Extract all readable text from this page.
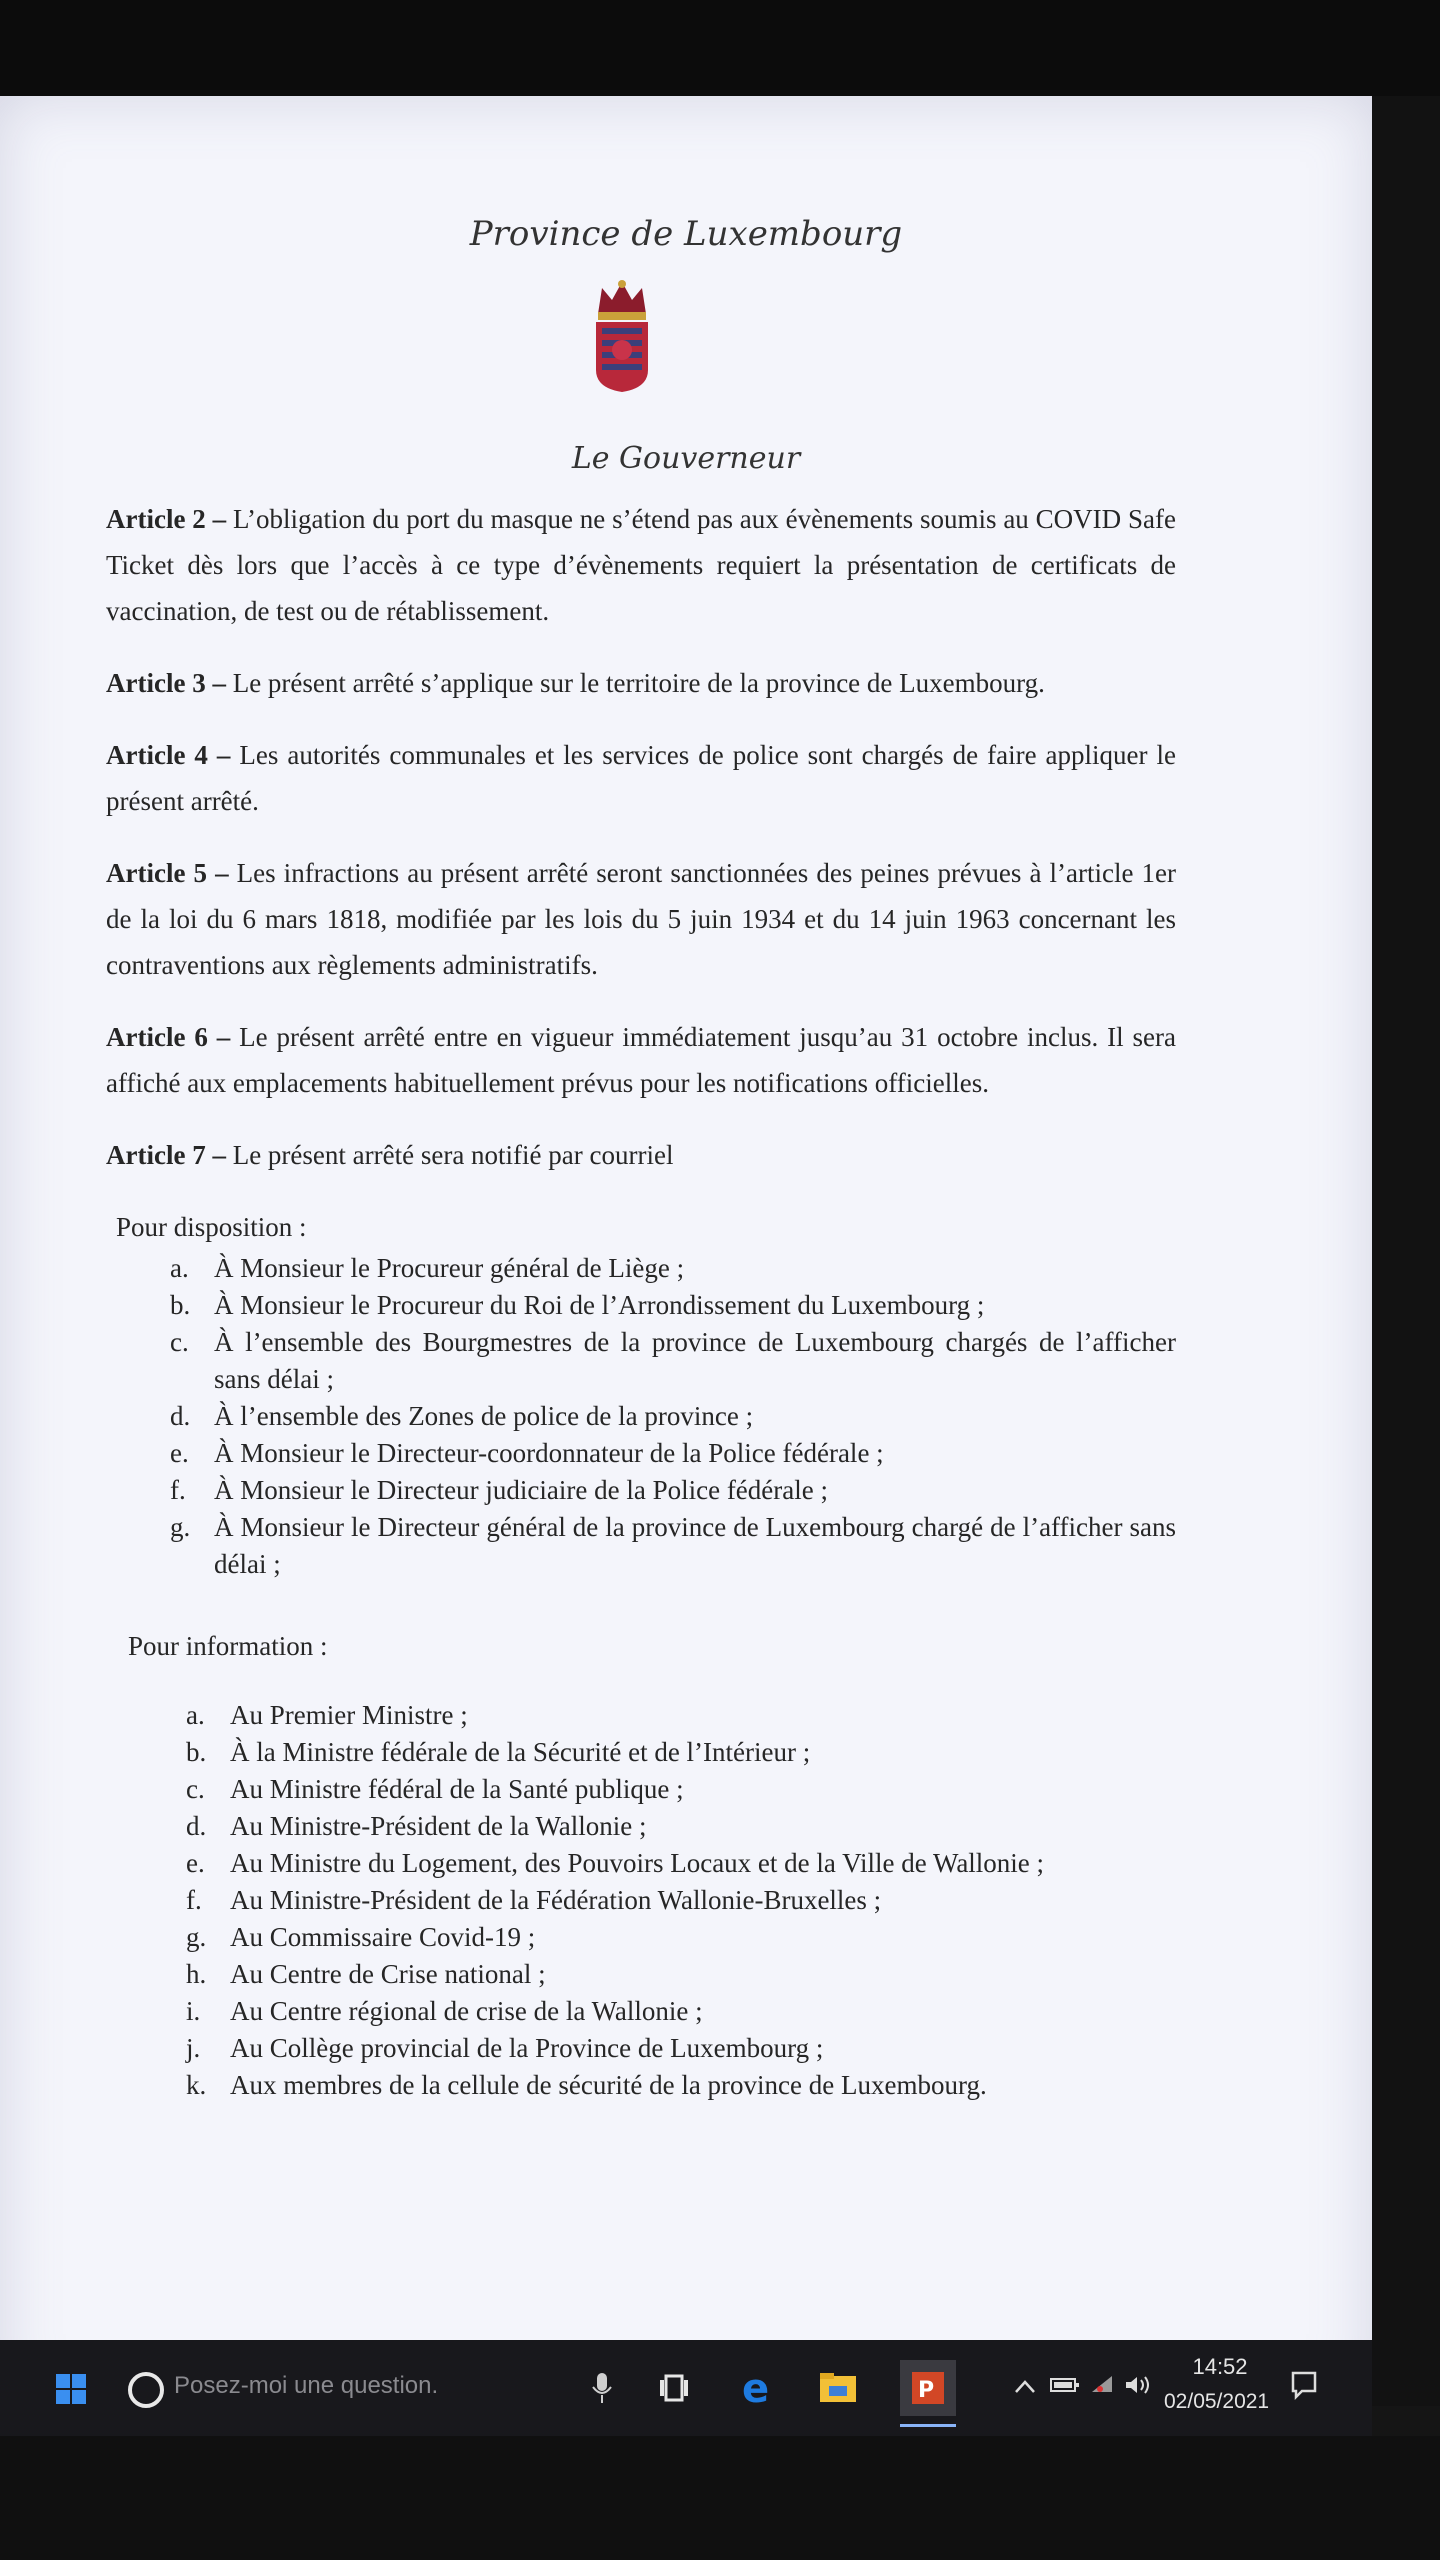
Province de Luxembourg
Le Gouverneur

Article 2 – L’obligation du port du masque ne s’étend pas aux évènements soumis au COVID Safe Ticket dès lors que l’accès à ce type d’évènements requiert la présentation de certificats de vaccination, de test ou de rétablissement.

Article 3 – Le présent arrêté s’applique sur le territoire de la province de Luxembourg.

Article 4 – Les autorités communales et les services de police sont chargés de faire appliquer le présent arrêté.

Article 5 – Les infractions au présent arrêté seront sanctionnées des peines prévues à l’article 1er de la loi du 6 mars 1818, modifiée par les lois du 5 juin 1934 et du 14 juin 1963 concernant les contraventions aux règlements administratifs.

Article 6 – Le présent arrêté entre en vigueur immédiatement jusqu’au 31 octobre inclus. Il sera affiché aux emplacements habituellement prévus pour les notifications officielles.

Article 7 – Le présent arrêté sera notifié par courriel

Pour disposition :
a. À Monsieur le Procureur général de Liège ;
b. À Monsieur le Procureur du Roi de l’Arrondissement du Luxembourg ;
c. À l’ensemble des Bourgmestres de la province de Luxembourg chargés de l’afficher sans délai ;
d. À l’ensemble des Zones de police de la province ;
e. À Monsieur le Directeur-coordonnateur de la Police fédérale ;
f.	À Monsieur le Directeur judiciaire de la Police fédérale ;
g. À Monsieur le Directeur général de la province de Luxembourg chargé de l’afficher sans délai ;
Pour information :
a. Au Premier Ministre ;
b. À la Ministre fédérale de la Sécurité et de l’Intérieur ;
c. Au Ministre fédéral de la Santé publique ;
d. Au Ministre-Président de la Wallonie ;
e. Au Ministre du Logement, des Pouvoirs Locaux et de la Ville de Wallonie ;
f.	Au Ministre-Président de la Fédération Wallonie-Bruxelles ;
g. Au Commissaire Covid-19 ;
h. Au Centre de Crise national ;
i.	Au Centre régional de crise de la Wallonie ;
j.	Au Collège provincial de la Province de Luxembourg ;
k. Aux membres de la cellule de sécurité de la province de Luxembourg.
Posez-moi une question.	e	P
14:52
02/05/2021
